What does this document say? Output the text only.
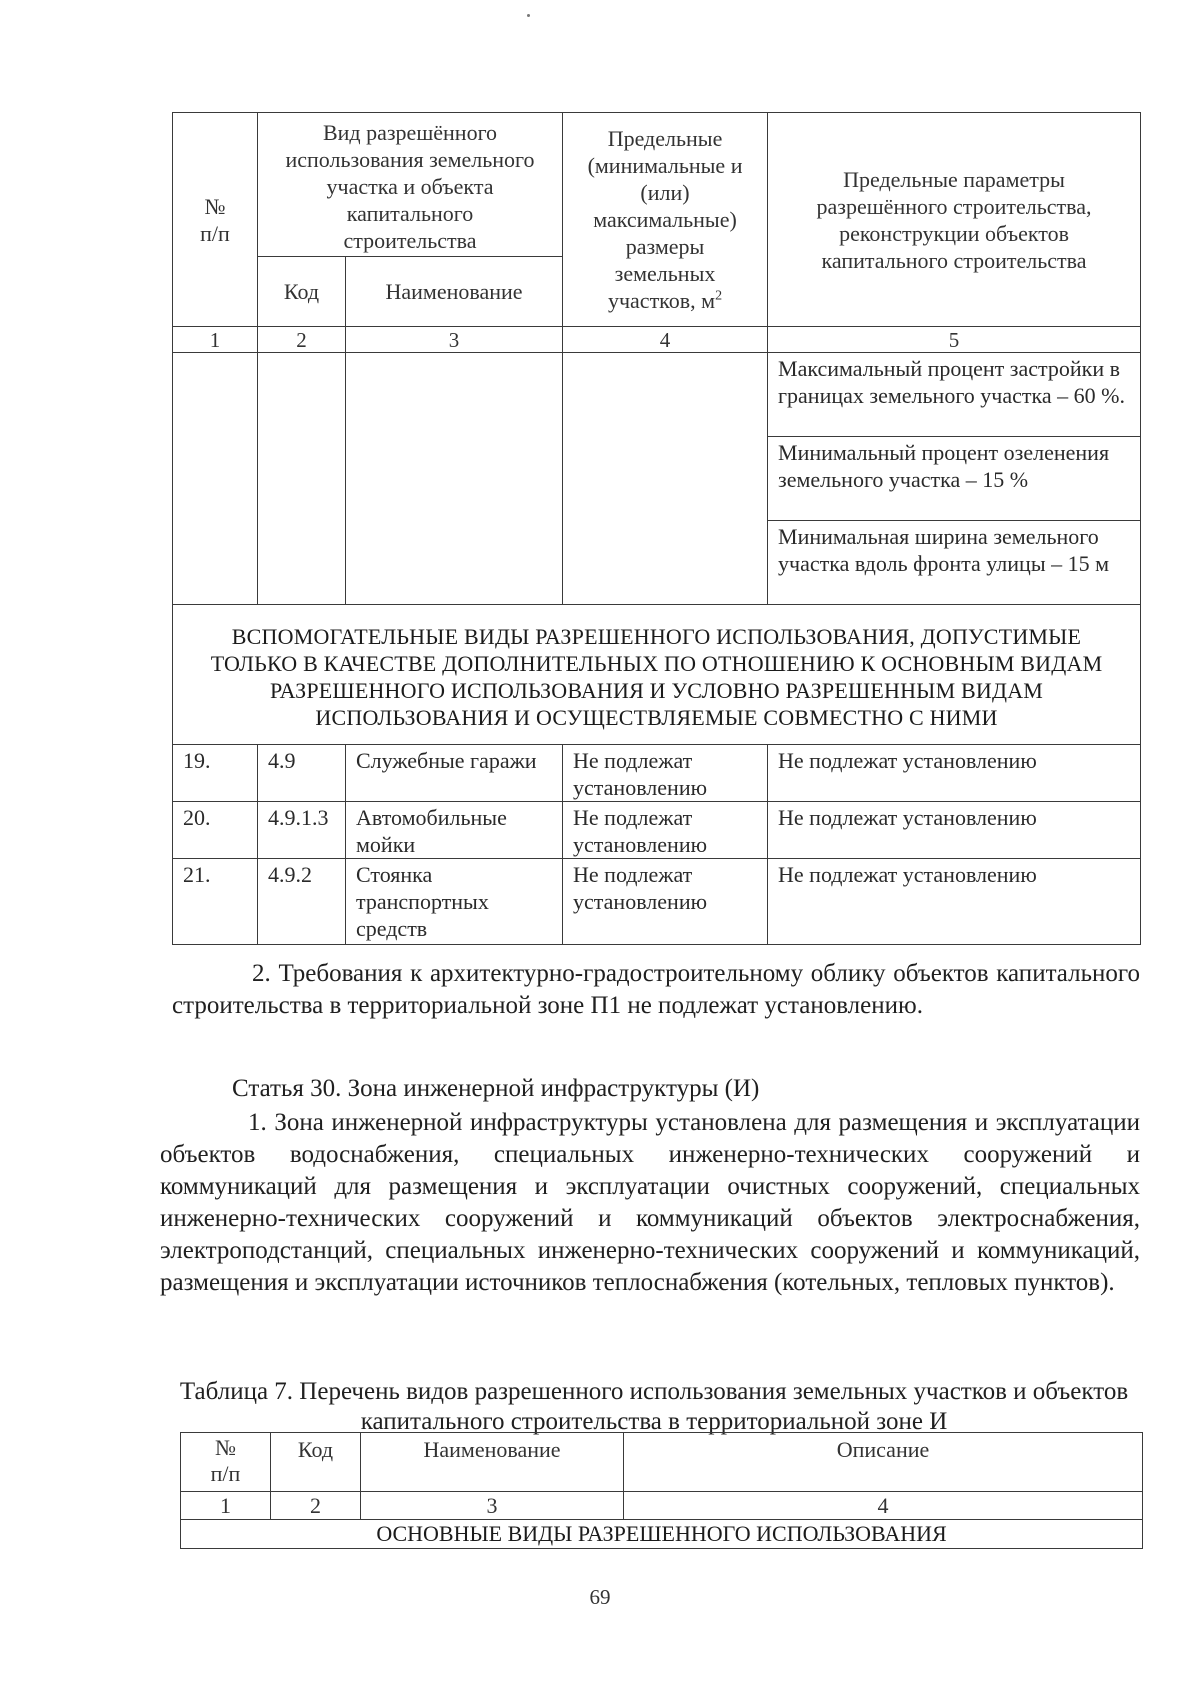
№
п/п	Вид разрешённого использования земельного участка и объекта капитального строительства		Предельные (минимальные и (или) максимальные) размеры земельных участков, $м^2$	Предельные параметры разрешённого строительства, реконструкции объектов капитального строительства
	Код	Наименование		
1	2	3	4	5
				Максимальный процент застройки в границах земельного участка – 60 %.
				Минимальный процент озеленения земельного участка – 15 %
				Минимальная ширина земельного участка вдоль фронта улицы – 15 м
ВСПОМОГАТЕЛЬНЫЕ ВИДЫ РАЗРЕШЕННОГО ИСПОЛЬЗОВАНИЯ, ДОПУСТИМЫЕ ТОЛЬКО В КАЧЕСТВЕ ДОПОЛНИТЕЛЬНЫХ ПО ОТНОШЕНИЮ К ОСНОВНЫМ ВИДАМ РАЗРЕШЕННОГО ИСПОЛЬЗОВАНИЯ И УСЛОВНО РАЗРЕШЕННЫМ ВИДАМ ИСПОЛЬЗОВАНИЯ И ОСУЩЕСТВЛЯЕМЫЕ СОВМЕСТНО С НИМИ				
19.	4.9	Служебные гаражи	Не подлежат установлению	Не подлежат установлению
20.	4.9.1.3	Автомобильные мойки	Не подлежат установлению	Не подлежат установлению
21.	4.9.2	Стоянка транспортных средств	Не подлежат установлению	Не подлежат установлению
2. Требования к архитектурно-градостроительному облику объектов капитального строительства в территориальной зоне П1 не подлежат установлению.
Статья 30. Зона инженерной инфраструктуры (И)
1. Зона инженерной инфраструктуры установлена для размещения и эксплуатации объектов водоснабжения, специальных инженерно-технических сооружений и коммуникаций для размещения и эксплуатации очистных сооружений, специальных инженерно-технических сооружений и коммуникаций объектов электроснабжения, электроподстанций, специальных инженерно-технических сооружений и коммуникаций, размещения и эксплуатации источников теплоснабжения (котельных, тепловых пунктов).
Таблица 7. Перечень видов разрешенного использования земельных участков и объектов капитального строительства в территориальной зоне И
№
п/п	Код	Наименование	Описание
1	2	3	4
ОСНОВНЫЕ ВИДЫ РАЗРЕШЕННОГО ИСПОЛЬЗОВАНИЯ			
69
